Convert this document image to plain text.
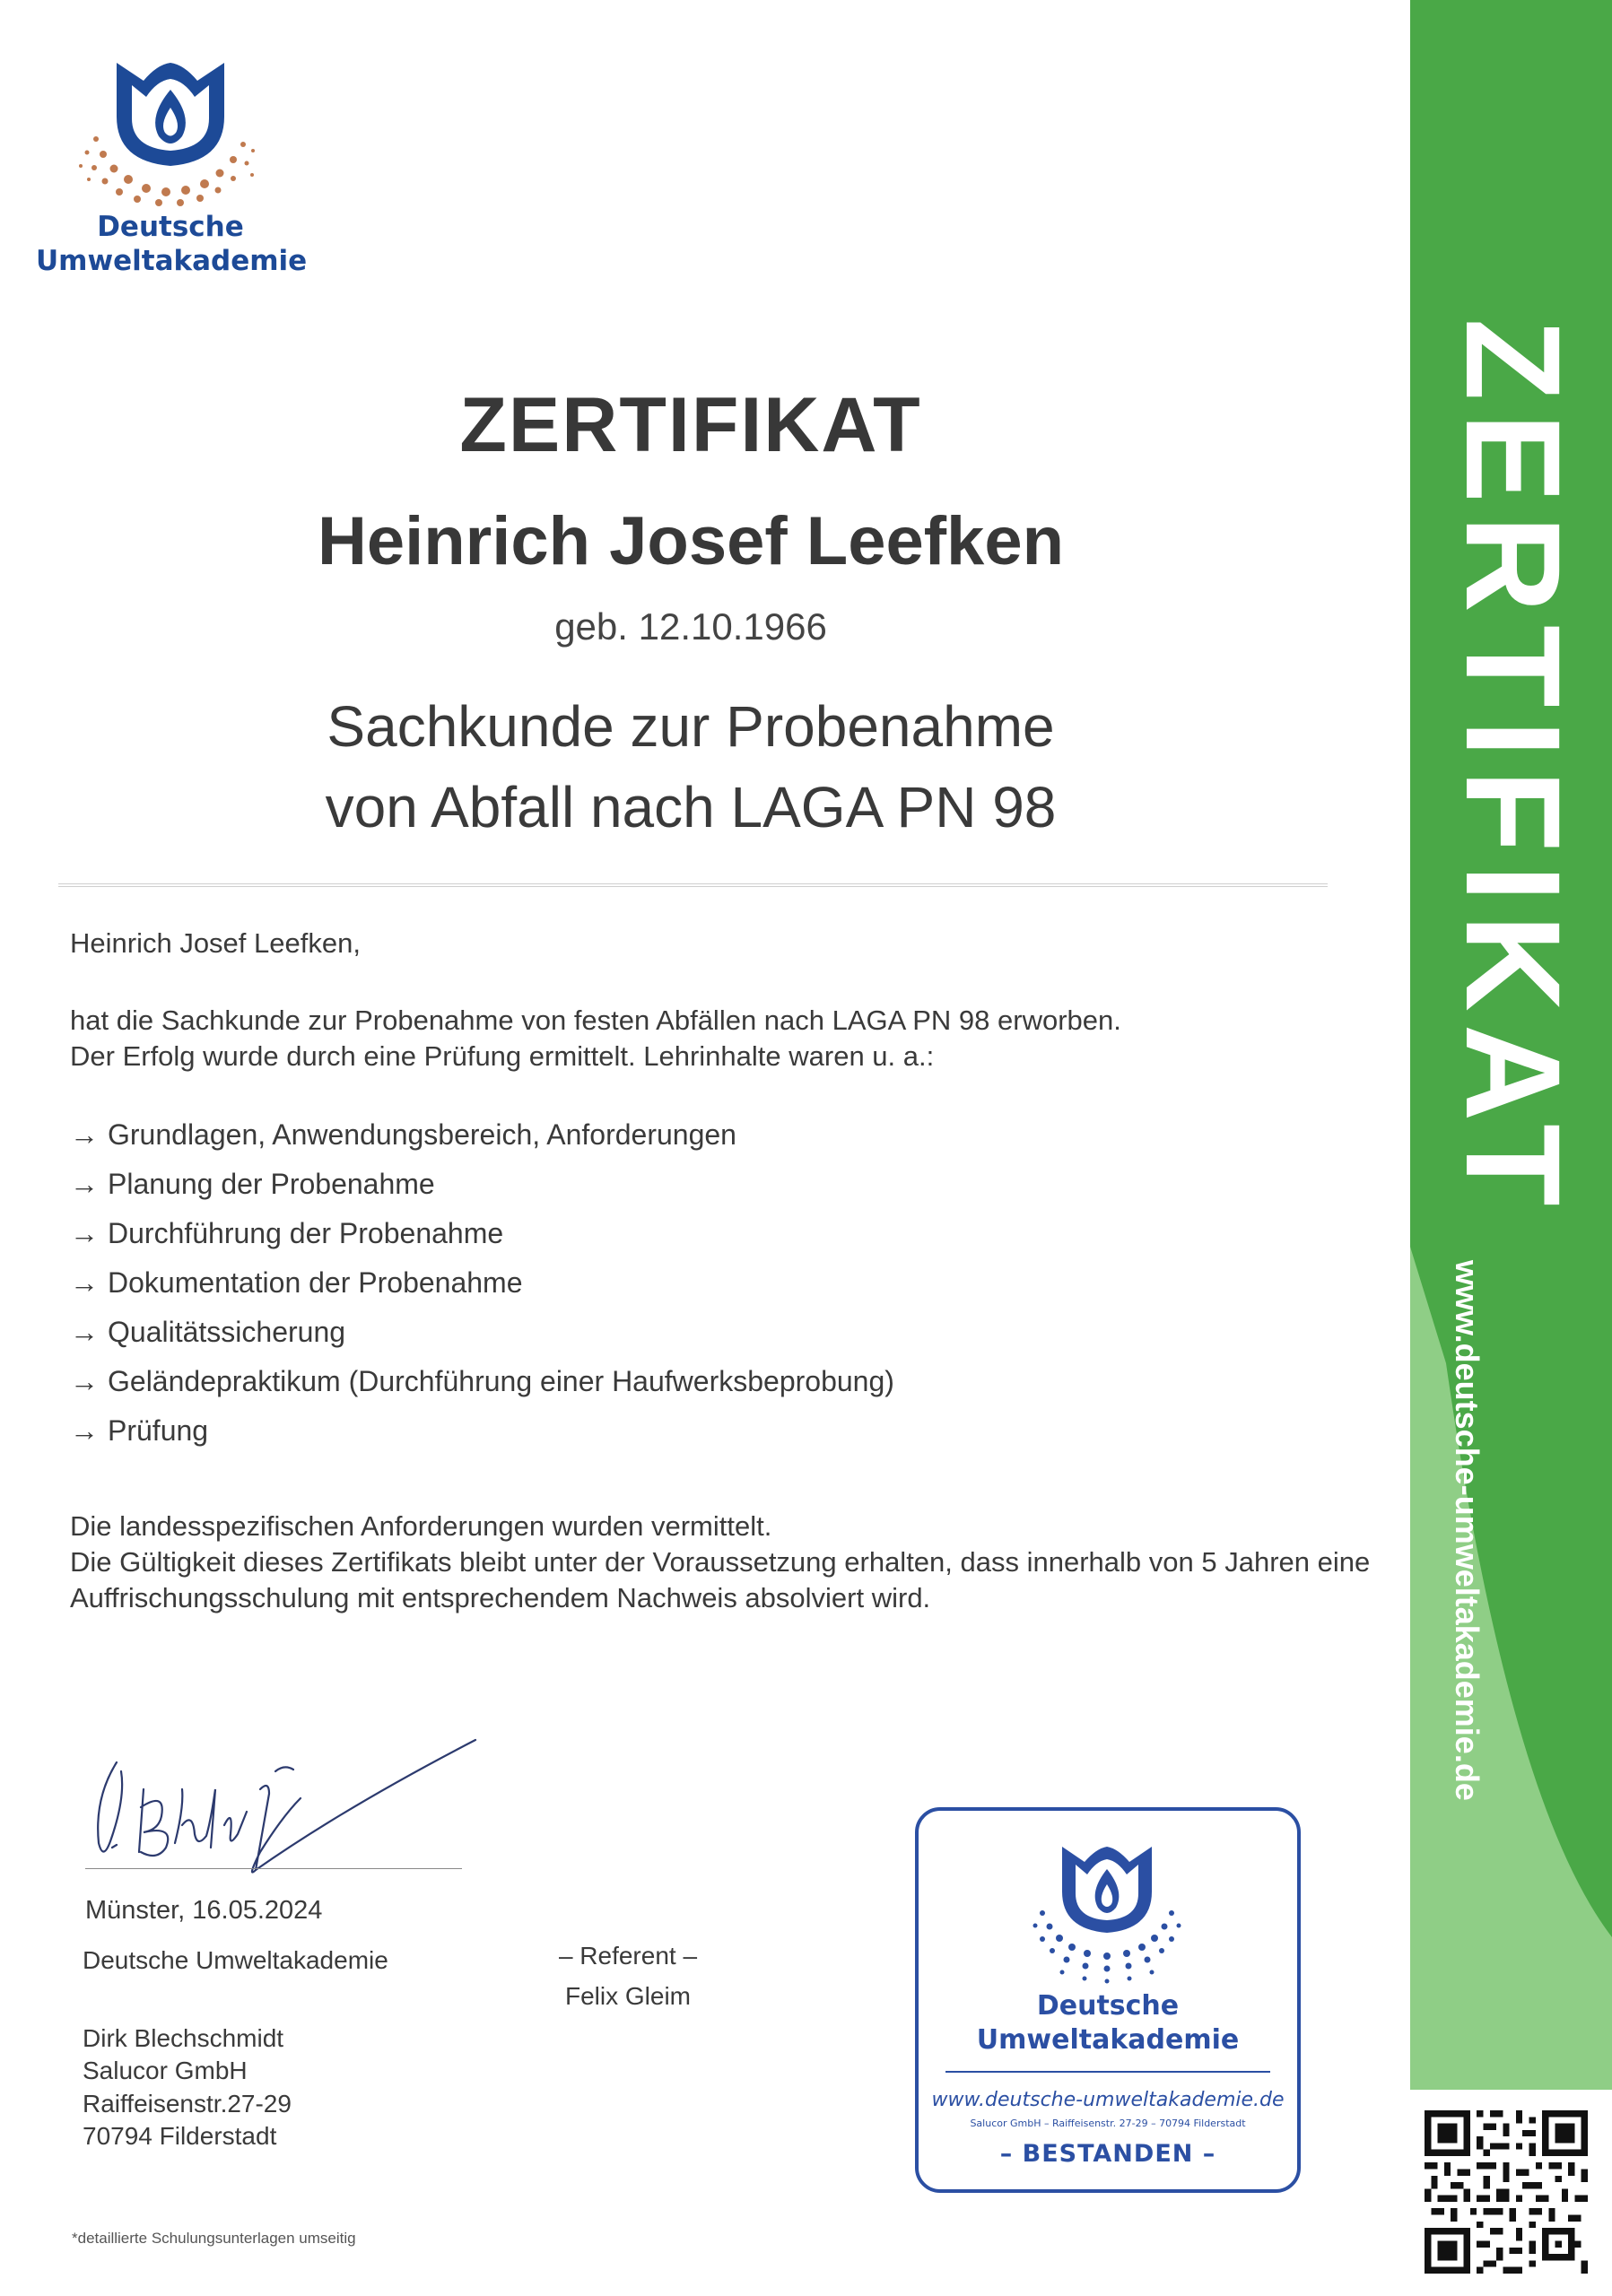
Deutsche
Umweltakademie
ZERTIFIKAT
Heinrich Josef Leefken
geb. 12.10.1966
Sachkunde zur Probenahme
von Abfall nach LAGA PN 98
Heinrich Josef Leefken,
hat die Sachkunde zur Probenahme von festen Abfällen nach LAGA PN 98 erworben.
Der Erfolg wurde durch eine Prüfung ermittelt. Lehrinhalte waren u. a.:
→ Grundlagen, Anwendungsbereich, Anforderungen
→ Planung der Probenahme
→ Durchführung der Probenahme
→ Dokumentation der Probenahme
→ Qualitätssicherung
→ Geländepraktikum (Durchführung einer Haufwerksbeprobung)
→ Prüfung
Die landesspezifischen Anforderungen wurden vermittelt.
Die Gültigkeit dieses Zertifikats bleibt unter der Voraussetzung erhalten, dass innerhalb von 5 Jahren eine
Auffrischungsschulung mit entsprechendem Nachweis absolviert wird.
Münster, 16.05.2024
Deutsche Umweltakademie	– Referent –
Felix Gleim
Dirk Blechschmidt
Salucor GmbH
Raiffeisenstr.27-29
70794 Filderstadt
*detaillierte Schulungsunterlagen umseitig
Deutsche
Umweltakademie
www.deutsche-umweltakademie.de
Salucor GmbH – Raiffeisenstr. 27-29 – 70794 Filderstadt
– BESTANDEN –
ZERTIFIKAT
www.deutsche-umweltakademie.de
